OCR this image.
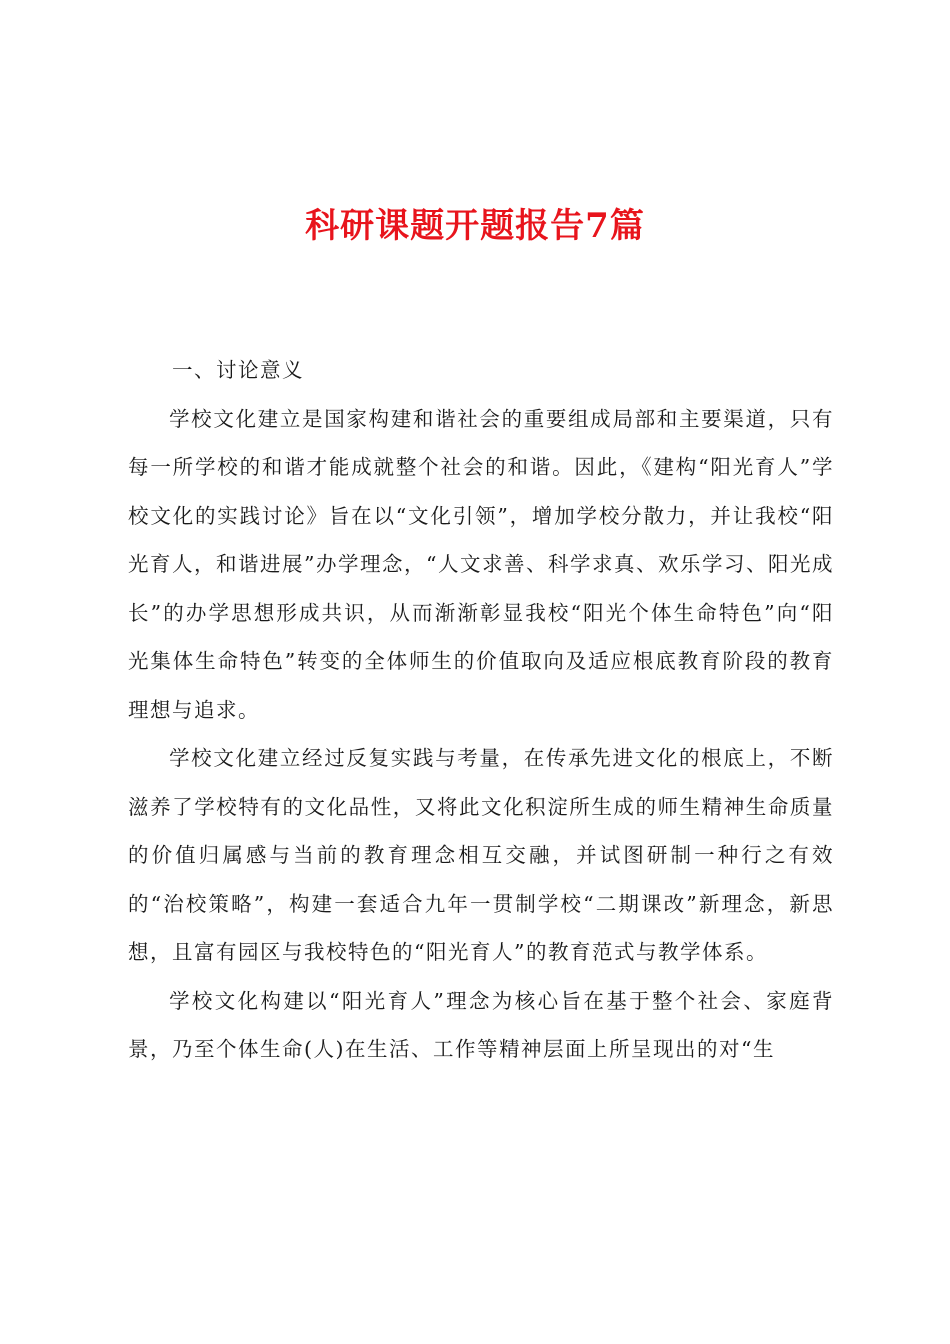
科研课题开题报告7篇

一、讨论意义

学校文化建立是国家构建和谐社会的重要组成局部和主要渠道，只有每一所学校的和谐才能成就整个社会的和谐。因此，《建构“阳光育人”学校文化的实践讨论》旨在以“文化引领”，增加学校分散力，并让我校“阳光育人，和谐进展”办学理念，“人文求善、科学求真、欢乐学习、阳光成长”的办学思想形成共识，从而渐渐彰显我校“阳光个体生命特色”向“阳光集体生命特色”转变的全体师生的价值取向及适应根底教育阶段的教育理想与追求。

学校文化建立经过反复实践与考量，在传承先进文化的根底上，不断滋养了学校特有的文化品性，又将此文化积淀所生成的师生精神生命质量的价值归属感与当前的教育理念相互交融，并试图研制一种行之有效的“治校策略”，构建一套适合九年一贯制学校“二期课改”新理念，新思想，且富有园区与我校特色的“阳光育人”的教育范式与教学体系。

学校文化构建以“阳光育人”理念为核心旨在基于整个社会、家庭背景，乃至个体生命(人)在生活、工作等精神层面上所呈现出的对“生
